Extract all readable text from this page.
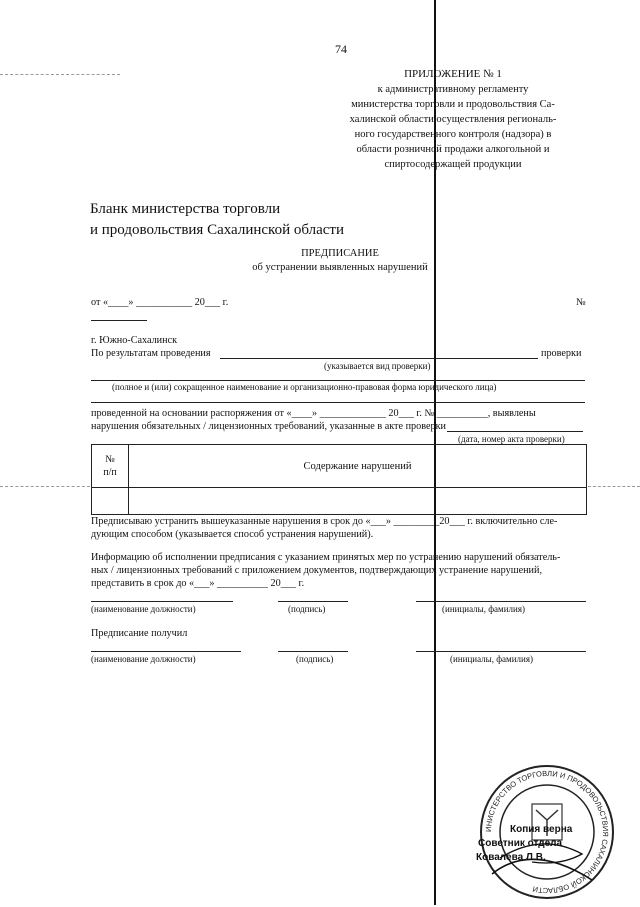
74
ПРИЛОЖЕНИЕ № 1
к административному регламенту
министерства торговли и продовольствия Са-
халинской области осуществления региональ-
ного государственного контроля (надзора) в
области розничной продажи алкогольной и
спиртосодержащей продукции
Бланк министерства торговли
и продовольствия Сахалинской области
ПРЕДПИСАНИЕ
об устранении выявленных нарушений
от «____» ___________ 20___ г.	№
г. Южно-Сахалинск
По результатам проведения	проверки
(указывается вид проверки)
(полное и (или) сокращенное наименование и организационно-правовая форма юридического лица)
проведенной на основании распоряжения от «____» _____________ 20___ г. № __________, выявлены
нарушения обязательных / лицензионных требований, указанные в акте проверки
(дата, номер акта проверки)
№
п/п	Содержание нарушений

Предписываю устранить вышеуказанные нарушения в срок до «___» _________20___ г. включительно сле-
дующим способом (указывается способ устранения нарушений).
Информацию об исполнении предписания с указанием принятых мер по устранению нарушений обязатель-
ных / лицензионных требований с приложением документов, подтверждающих устранение нарушений,
представить в срок до «___» __________ 20___ г.
(наименование должности)	(подпись)	(инициалы, фамилия)
Предписание получил
(наименование должности)	(подпись)	(инициалы, фамилия)
ИНИСТЕРСТВО ТОРГОВЛИ И ПРОДОВОЛЬСТВИЯ САХАЛИНСКОЙ ОБЛАСТИ
Копия верна
Советник отдела
Ковалева Л.В.
